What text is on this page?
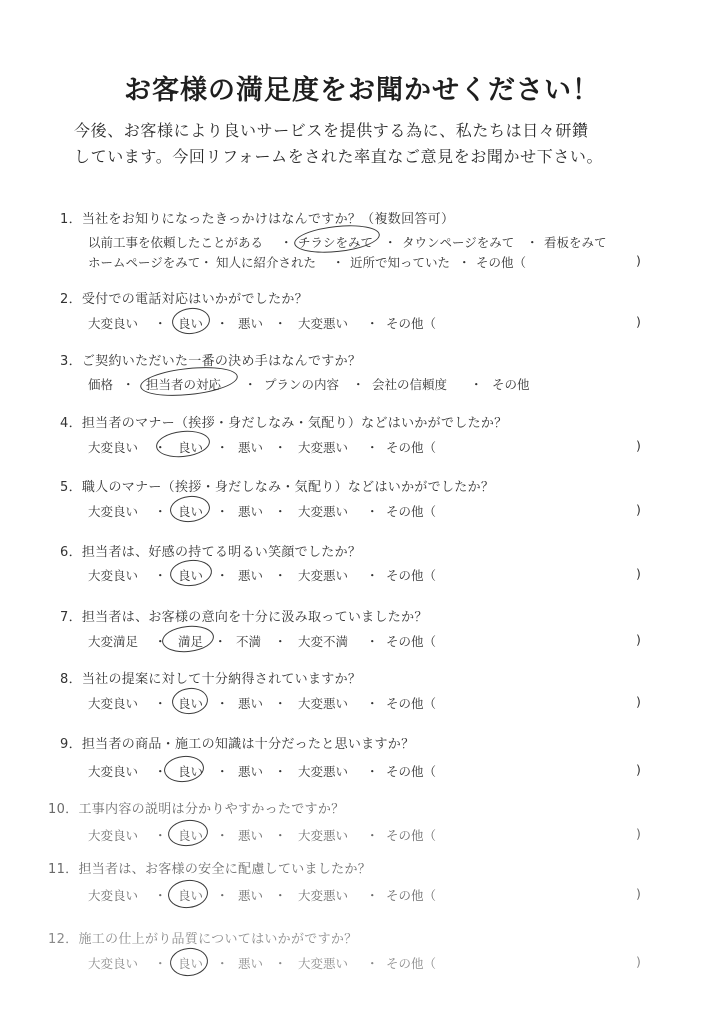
お客様の満足度をお聞かせください！
今後、お客様により良いサービスを提供する為に、私たちは日々研鑽
しています。今回リフォームをされた率直なご意見をお聞かせ下さい。
1．当社をお知りになったきっかけはなんですか？（複数回答可）
以前工事を依頼したことがある ・ チラシをみて ・ タウンページをみて ・ 看板をみて
ホームページをみて ・ 知人に紹介された ・ 近所で知っていた ・ その他（	)
2．受付での電話対応はいかがでしたか？
大変良い ・ 良い ・ 悪い ・ 大変悪い ・ その他（	)
3．ご契約いただいた一番の決め手はなんですか？
価格 ・ 担当者の対応 ・ プランの内容 ・ 会社の信頼度 ・ その他
4．担当者のマナー（挨拶・身だしなみ・気配り）などはいかがでしたか？
大変良い ・ 良い ・ 悪い ・ 大変悪い ・ その他（	)
5．職人のマナー（挨拶・身だしなみ・気配り）などはいかがでしたか？
大変良い ・ 良い ・ 悪い ・ 大変悪い ・ その他（	)
6．担当者は、好感の持てる明るい笑顔でしたか？
大変良い ・ 良い ・ 悪い ・ 大変悪い ・ その他（	)
7．担当者は、お客様の意向を十分に汲み取っていましたか？
大変満足 ・ 満足 ・ 不満 ・ 大変不満 ・ その他（	)
8．当社の提案に対して十分納得されていますか？
大変良い ・ 良い ・ 悪い ・ 大変悪い ・ その他（	)
9．担当者の商品・施工の知識は十分だったと思いますか？
大変良い ・ 良い ・ 悪い ・ 大変悪い ・ その他（	)
10．工事内容の説明は分かりやすかったですか？
大変良い ・ 良い ・ 悪い ・ 大変悪い ・ その他（	)
11．担当者は、お客様の安全に配慮していましたか？
大変良い ・ 良い ・ 悪い ・ 大変悪い ・ その他（	)
12．施工の仕上がり品質についてはいかがですか？
大変良い ・ 良い ・ 悪い ・ 大変悪い ・ その他（	)
